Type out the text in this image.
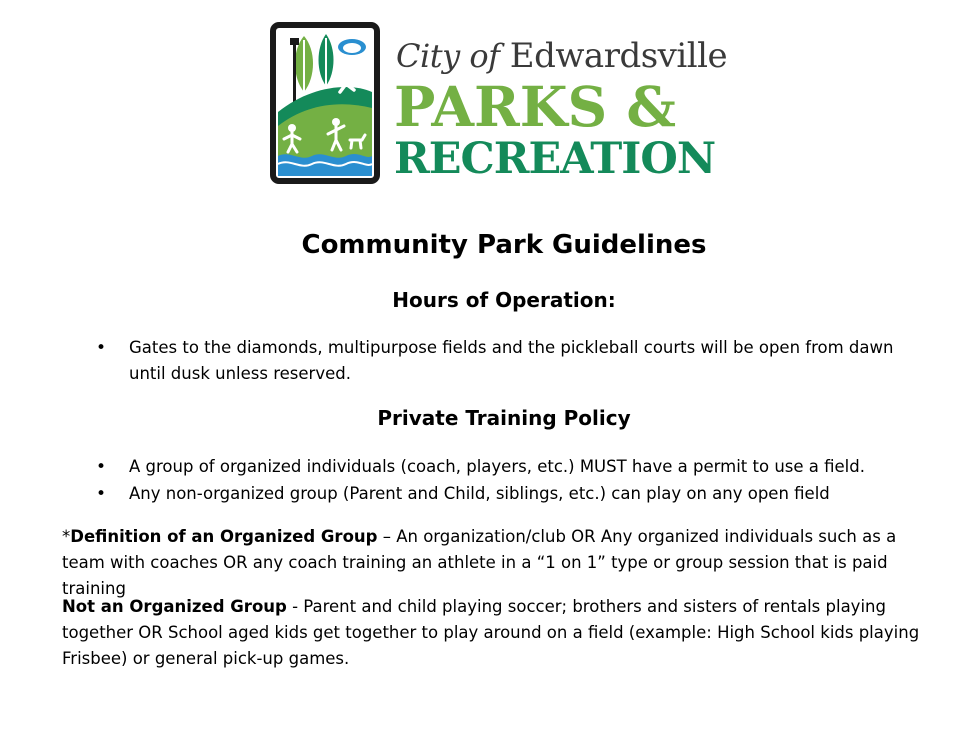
City of Edwardsville
PARKS &
RECREATION
Community Park Guidelines
Hours of Operation:
• Gates to the diamonds, multipurpose fields and the pickleball courts will be open from dawn until dusk unless reserved.
Private Training Policy
• A group of organized individuals (coach, players, etc.) MUST have a permit to use a field.
• Any non-organized group (Parent and Child, siblings, etc.) can play on any open field
*Definition of an Organized Group – An organization/club OR Any organized individuals such as a team with coaches OR any coach training an athlete in a “1 on 1” type or group session that is paid training
Not an Organized Group - Parent and child playing soccer; brothers and sisters of rentals playing together OR School aged kids get together to play around on a field (example: High School kids playing Frisbee) or general pick-up games.
